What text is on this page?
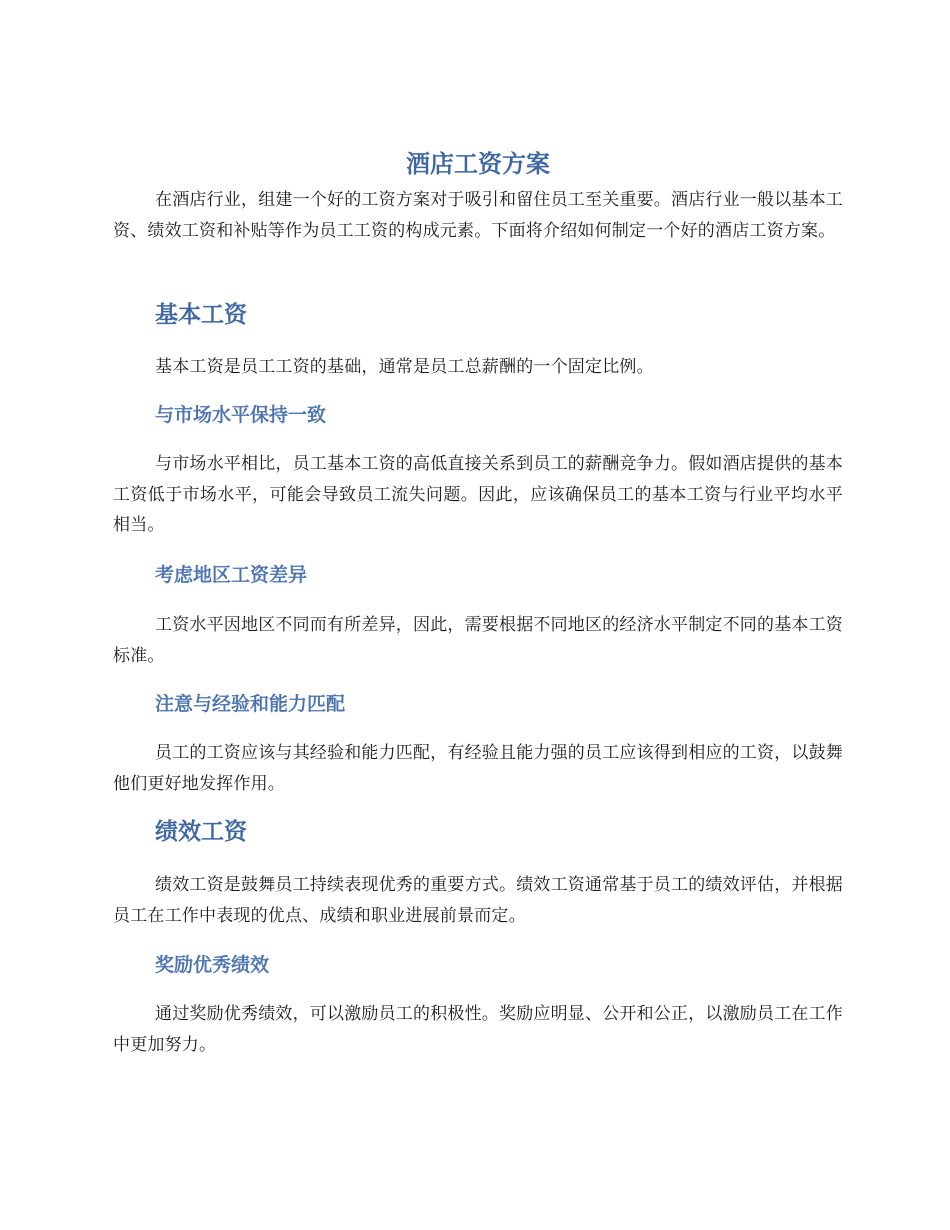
酒店工资方案

在酒店行业，组建一个好的工资方案对于吸引和留住员工至关重要。酒店行业一般以基本工资、绩效工资和补贴等作为员工工资的构成元素。下面将介绍如何制定一个好的酒店工资方案。

基本工资

基本工资是员工工资的基础，通常是员工总薪酬的一个固定比例。

与市场水平保持一致

与市场水平相比，员工基本工资的高低直接关系到员工的薪酬竞争力。假如酒店提供的基本工资低于市场水平，可能会导致员工流失问题。因此，应该确保员工的基本工资与行业平均水平相当。

考虑地区工资差异

工资水平因地区不同而有所差异，因此，需要根据不同地区的经济水平制定不同的基本工资标准。

注意与经验和能力匹配

员工的工资应该与其经验和能力匹配，有经验且能力强的员工应该得到相应的工资，以鼓舞他们更好地发挥作用。

绩效工资

绩效工资是鼓舞员工持续表现优秀的重要方式。绩效工资通常基于员工的绩效评估，并根据员工在工作中表现的优点、成绩和职业进展前景而定。

奖励优秀绩效

通过奖励优秀绩效，可以激励员工的积极性。奖励应明显、公开和公正，以激励员工在工作中更加努力。
